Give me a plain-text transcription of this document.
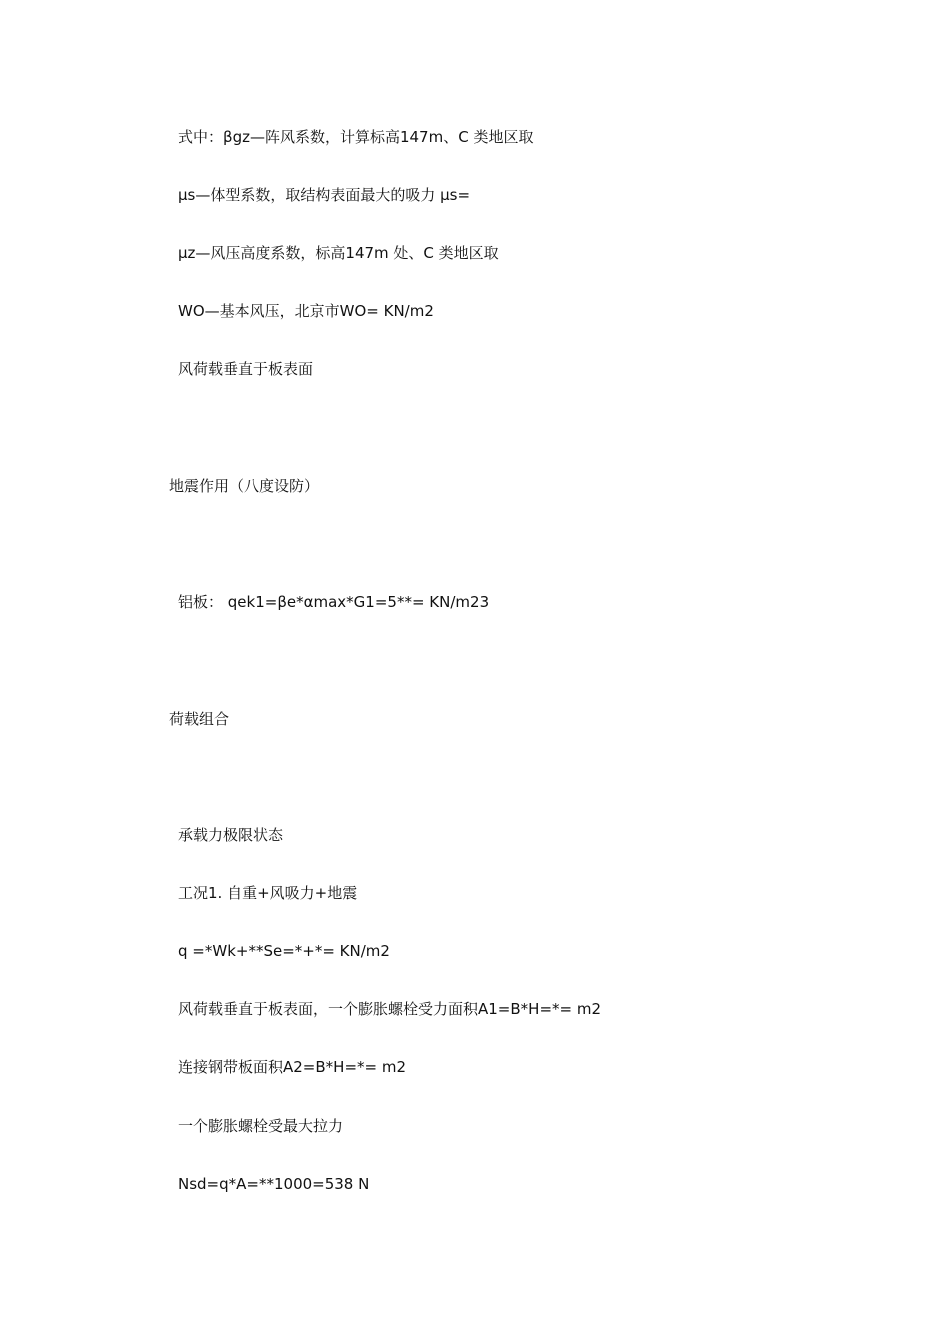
式中：βgz—阵风系数，计算标高147m、C 类地区取
μs—体型系数，取结构表面最大的吸力 μs=
μz—风压高度系数，标高147m 处、C 类地区取
WO—基本风压，北京市WO= KN/m2
风荷载垂直于板表面
地震作用（八度设防）
铝板： qek1=βe*αmax*G1=5**= KN/m23
荷载组合
承载力极限状态
工况1. 自重+风吸力+地震
q =*Wk+**Se=*+*= KN/m2
风荷载垂直于板表面，一个膨胀螺栓受力面积A1=B*H=*= m2
连接钢带板面积A2=B*H=*= m2
一个膨胀螺栓受最大拉力
Nsd=q*A=**1000=538 N
